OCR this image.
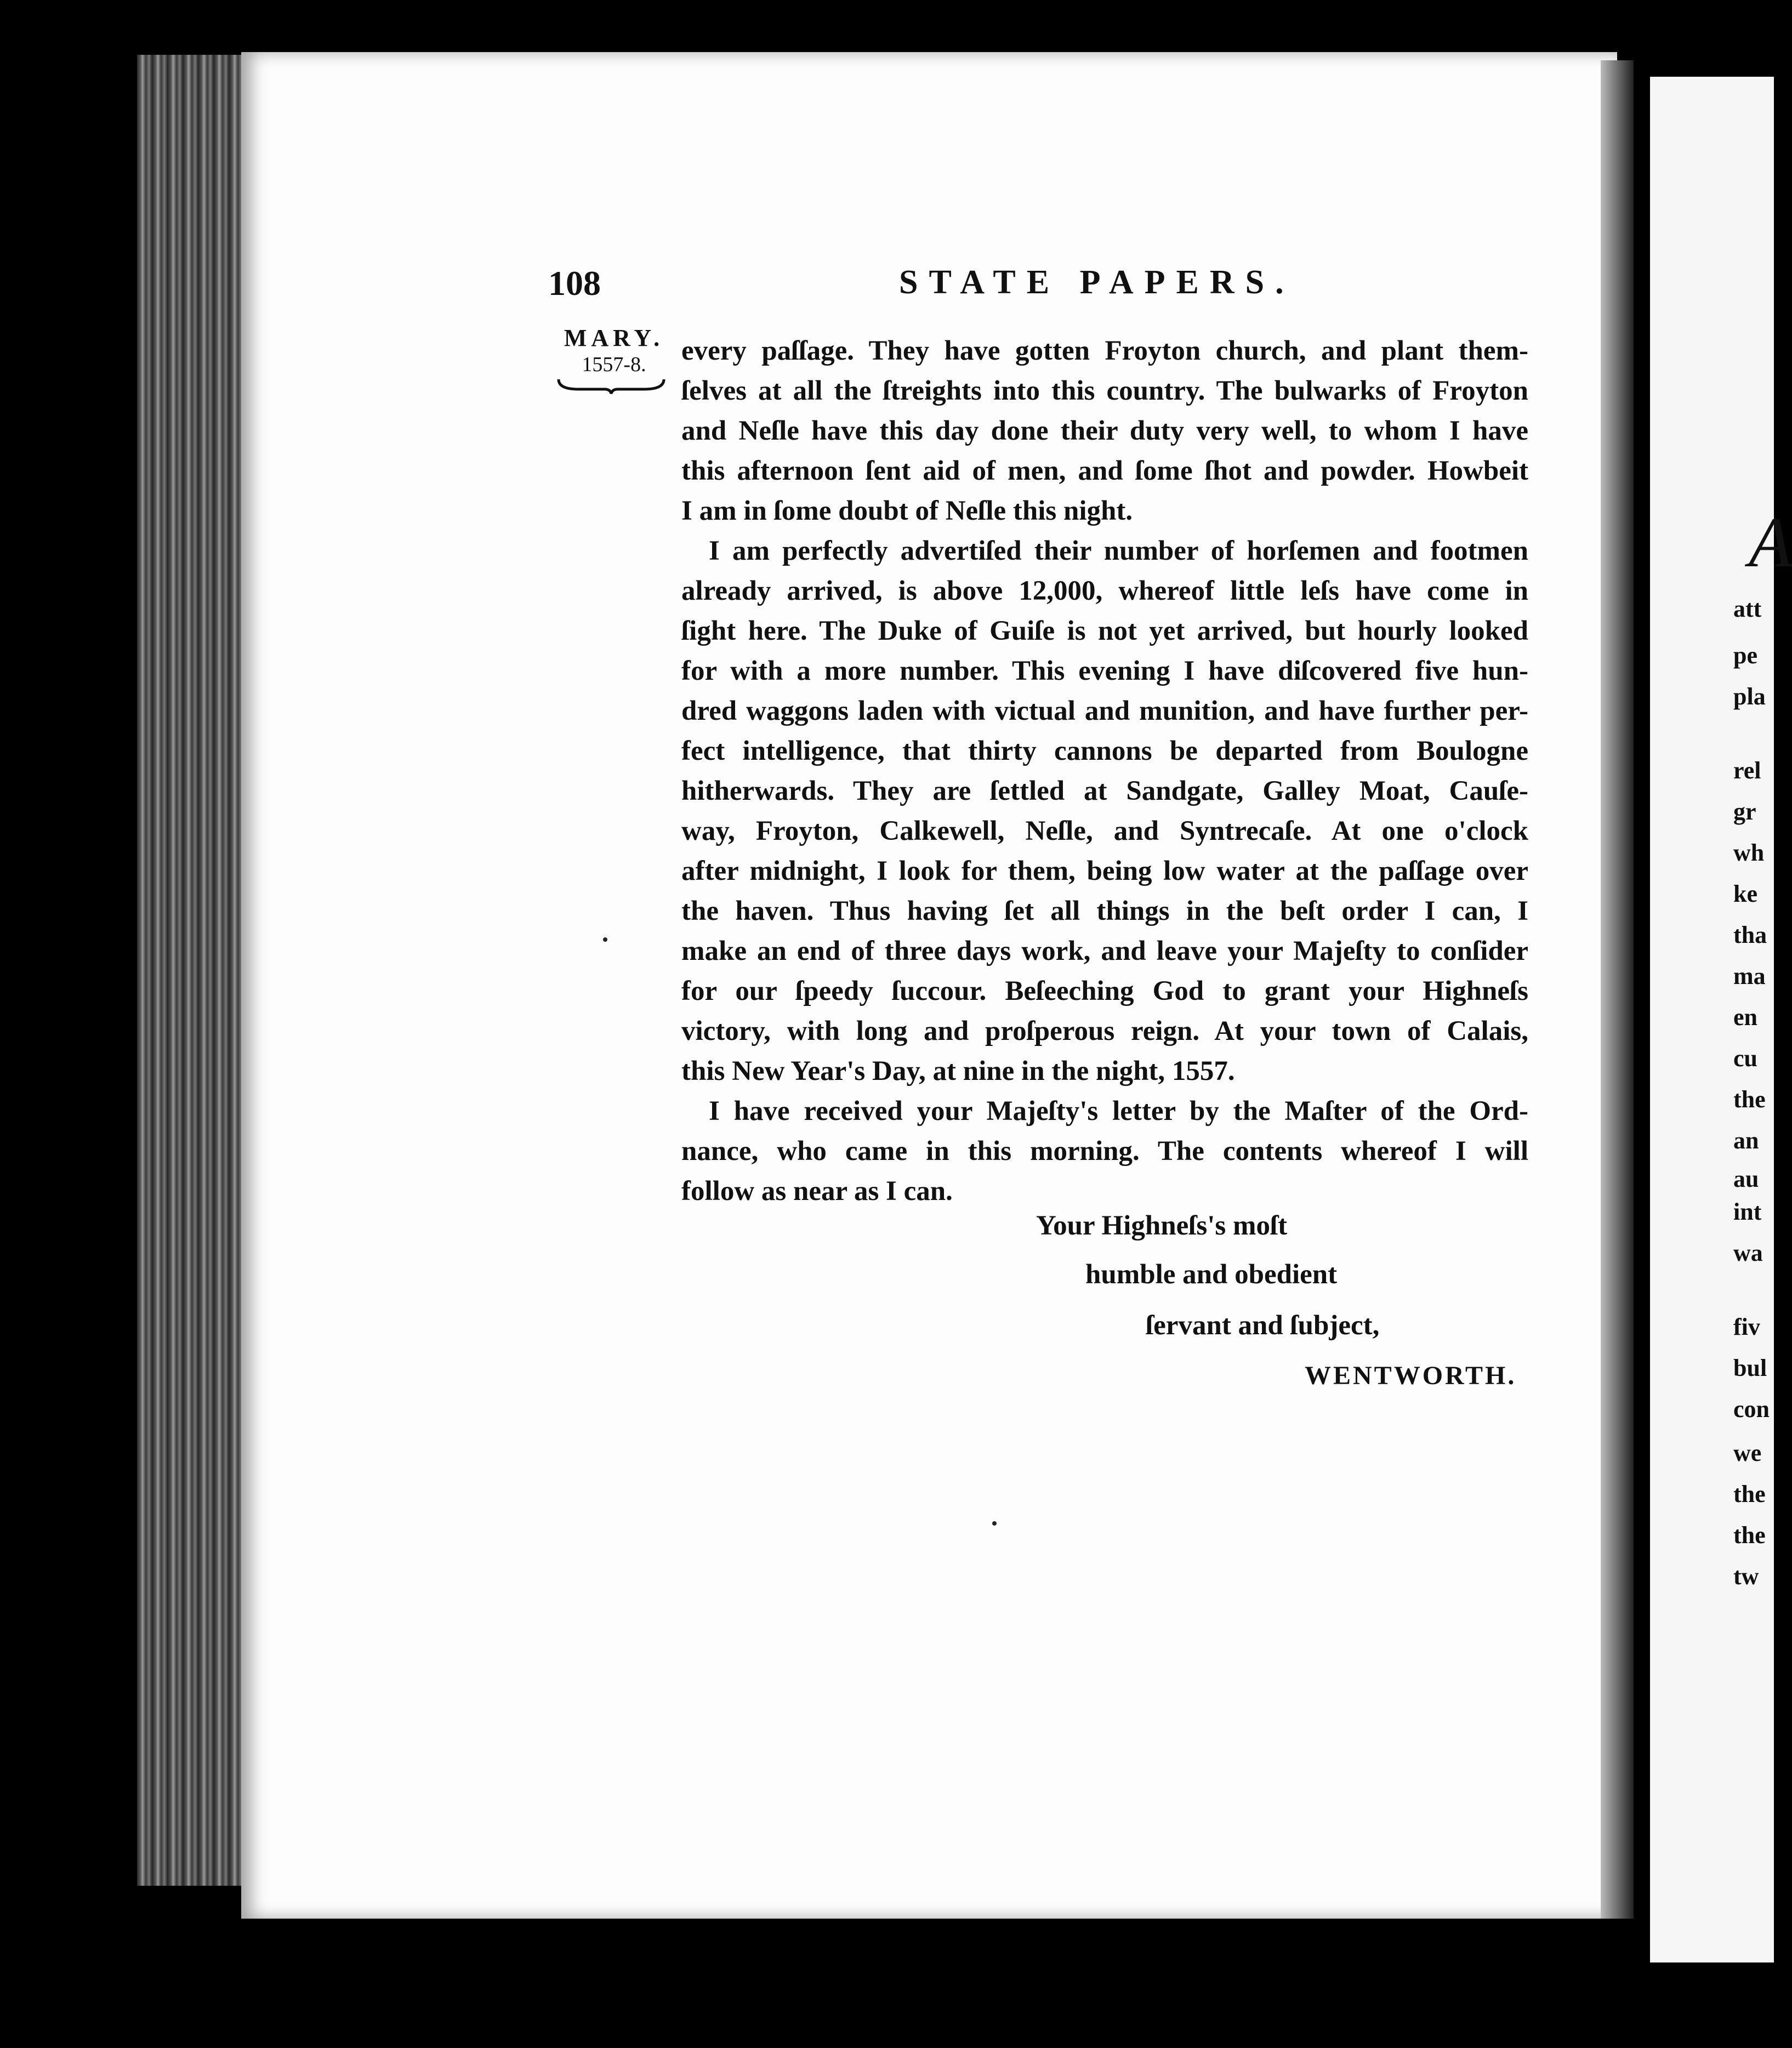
A
att
pe
pla
rel
gr
wh
ke
tha
ma
en
cu
the
an
au
int
wa
fiv
bul
con
we
the
the
tw
108	STATE PAPERS.
MARY.
1557-8.	every paſſage. They have gotten Froyton church, and plant them-
ſelves at all the ſtreights into this country. The bulwarks of Froyton
and Neſle have this day done their duty very well, to whom I have
this afternoon ſent aid of men, and ſome ſhot and powder. Howbeit
I am in ſome doubt of Neſle this night.
I am perfectly advertiſed their number of horſemen and footmen
already arrived, is above 12,000, whereof little leſs have come in
ſight here. The Duke of Guiſe is not yet arrived, but hourly looked
for with a more number. This evening I have diſcovered five hun-
dred waggons laden with victual and munition, and have further per-
fect intelligence, that thirty cannons be departed from Boulogne
hitherwards. They are ſettled at Sandgate, Galley Moat, Cauſe-
way, Froyton, Calkewell, Neſle, and Syntrecaſe. At one o'clock
after midnight, I look for them, being low water at the paſſage over
the haven. Thus having ſet all things in the beſt order I can, I
make an end of three days work, and leave your Majeſty to conſider
for our ſpeedy ſuccour. Beſeeching God to grant your Highneſs
victory, with long and proſperous reign. At your town of Calais,
this New Year's Day, at nine in the night, 1557.
I have received your Majeſty's letter by the Maſter of the Ord-
nance, who came in this morning. The contents whereof I will
follow as near as I can.
Your Highneſs's moſt
humble and obedient
ſervant and ſubject,
WENTWORTH.
